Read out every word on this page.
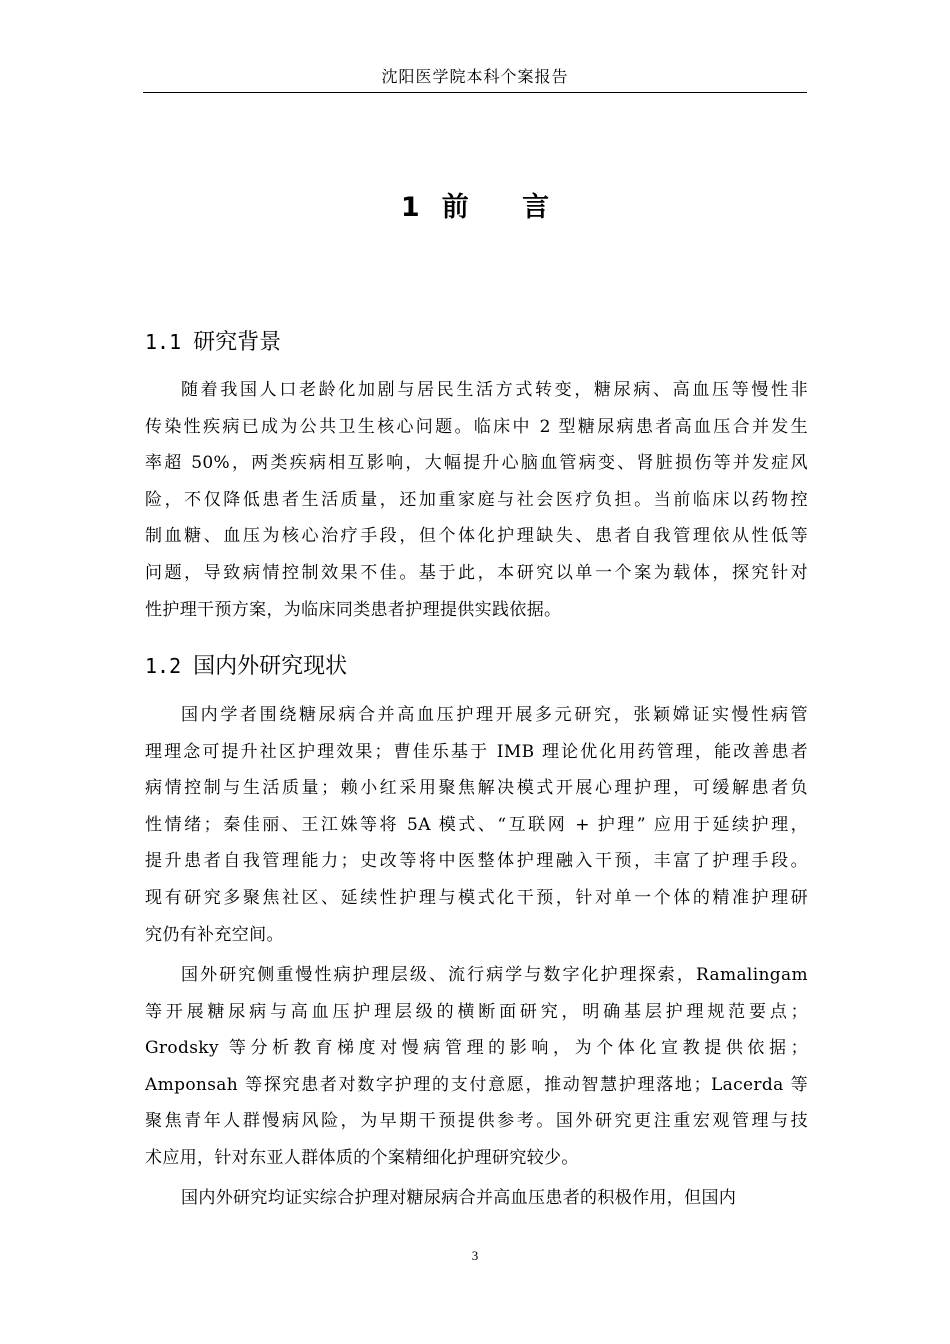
沈阳医学院本科个案报告
1 前 言
1.1 研究背景
随着我国人口老龄化加剧与居民生活方式转变，糖尿病、高血压等慢性非
传染性疾病已成为公共卫生核心问题。临床中 2 型糖尿病患者高血压合并发生
率超 50%，两类疾病相互影响，大幅提升心脑血管病变、肾脏损伤等并发症风
险，不仅降低患者生活质量，还加重家庭与社会医疗负担。当前临床以药物控
制血糖、血压为核心治疗手段，但个体化护理缺失、患者自我管理依从性低等
问题，导致病情控制效果不佳。基于此，本研究以单一个案为载体，探究针对
性护理干预方案，为临床同类患者护理提供实践依据。
1.2 国内外研究现状
国内学者围绕糖尿病合并高血压护理开展多元研究，张颖嫦证实慢性病管
理理念可提升社区护理效果；曹佳乐基于 IMB 理论优化用药管理，能改善患者
病情控制与生活质量；赖小红采用聚焦解决模式开展心理护理，可缓解患者负
性情绪；秦佳丽、王江姝等将 5A 模式、“互联网 + 护理” 应用于延续护理，
提升患者自我管理能力；史改等将中医整体护理融入干预，丰富了护理手段。
现有研究多聚焦社区、延续性护理与模式化干预，针对单一个体的精准护理研
究仍有补充空间。
国外研究侧重慢性病护理层级、流行病学与数字化护理探索，Ramalingam
等开展糖尿病与高血压护理层级的横断面研究，明确基层护理规范要点；
Grodsky 等分析教育梯度对慢病管理的影响，为个体化宣教提供依据；
Amponsah 等探究患者对数字护理的支付意愿，推动智慧护理落地；Lacerda 等
聚焦青年人群慢病风险，为早期干预提供参考。国外研究更注重宏观管理与技
术应用，针对东亚人群体质的个案精细化护理研究较少。
国内外研究均证实综合护理对糖尿病合并高血压患者的积极作用，但国内
3
